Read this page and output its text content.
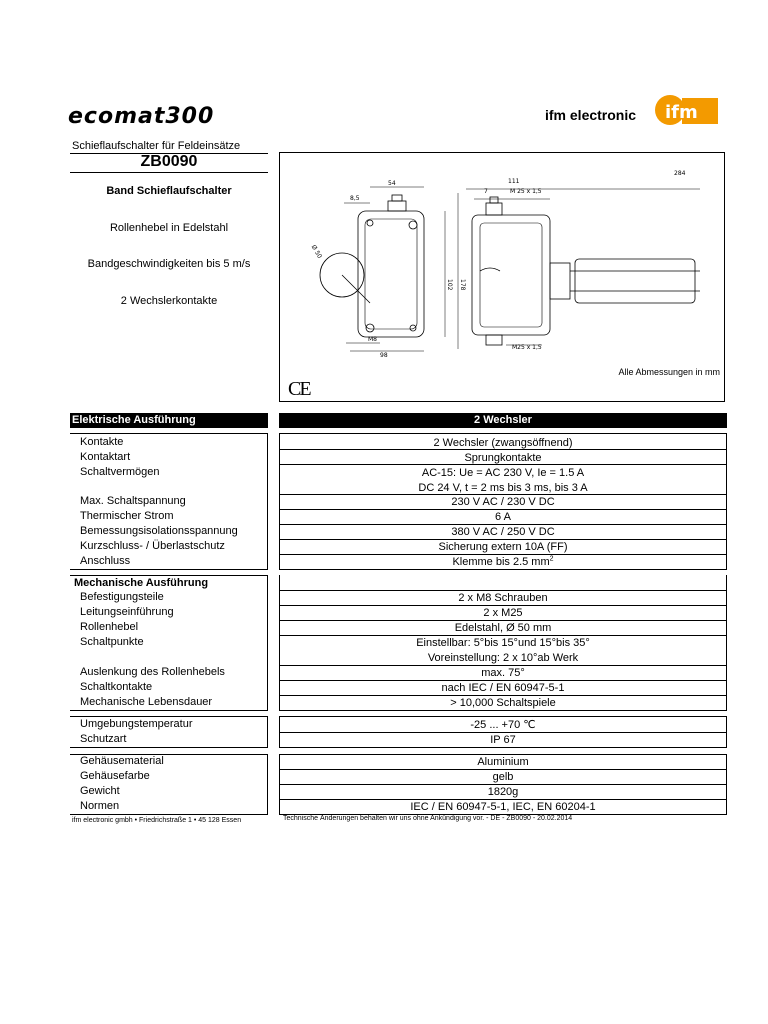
ecomat300	ifm electronic ifm
Schieflaufschalter für Feldeinsätze
ZB0090
Band Schieflaufschalter
Rollenhebel in Edelstahl
Bandgeschwindigkeiten bis 5 m/s
2 Wechslerkontakte
54
8,5
Ø 50
102 178
98
M8
284
111
7	M 25 x 1,5
M25 x 1,5
Alle Abmessungen in mm
CE
Elektrische Ausführung	2 Wechsler
Kontakte	2 Wechsler (zwangsöffnend)
Kontaktart	Sprungkontakte
Schaltvermögen	AC-15: Ue = AC 230 V, Ie = 1.5 A
DC 24 V, t = 2 ms bis 3 ms, bis 3 A
Max. Schaltspannung	230 V AC / 230 V DC
Thermischer Strom	6 A
Bemessungsisolationsspannung	380 V AC / 250 V DC
Kurzschluss- / Überlastschutz	Sicherung extern 10A (FF)
Anschluss	Klemme bis 2.5 $mm^2$
Mechanische Ausführung
Befestigungsteile	2 x M8 Schrauben
Leitungseinführung	2 x M25
Rollenhebel	Edelstahl, Ø 50 mm
Schaltpunkte	Einstellbar: 5°bis 15°und 15°bis 35°
Voreinstellung: 2 x 10°ab Werk
Auslenkung des Rollenhebels	max. 75°
Schaltkontakte	nach IEC / EN 60947-5-1
Mechanische Lebensdauer	> 10,000 Schaltspiele
Umgebungstemperatur	-25 ... +70 ℃
Schutzart	IP 67
Gehäusematerial	Aluminium
Gehäusefarbe	gelb
Gewicht	1820g
Normen	IEC / EN 60947-5-1, IEC, EN 60204-1
ifm electronic gmbh • Friedrichstraße 1 • 45 128 Essen	Technische Änderungen behalten wir uns ohne Ankündigung vor. - DE - ZB0090 - 20.02.2014
